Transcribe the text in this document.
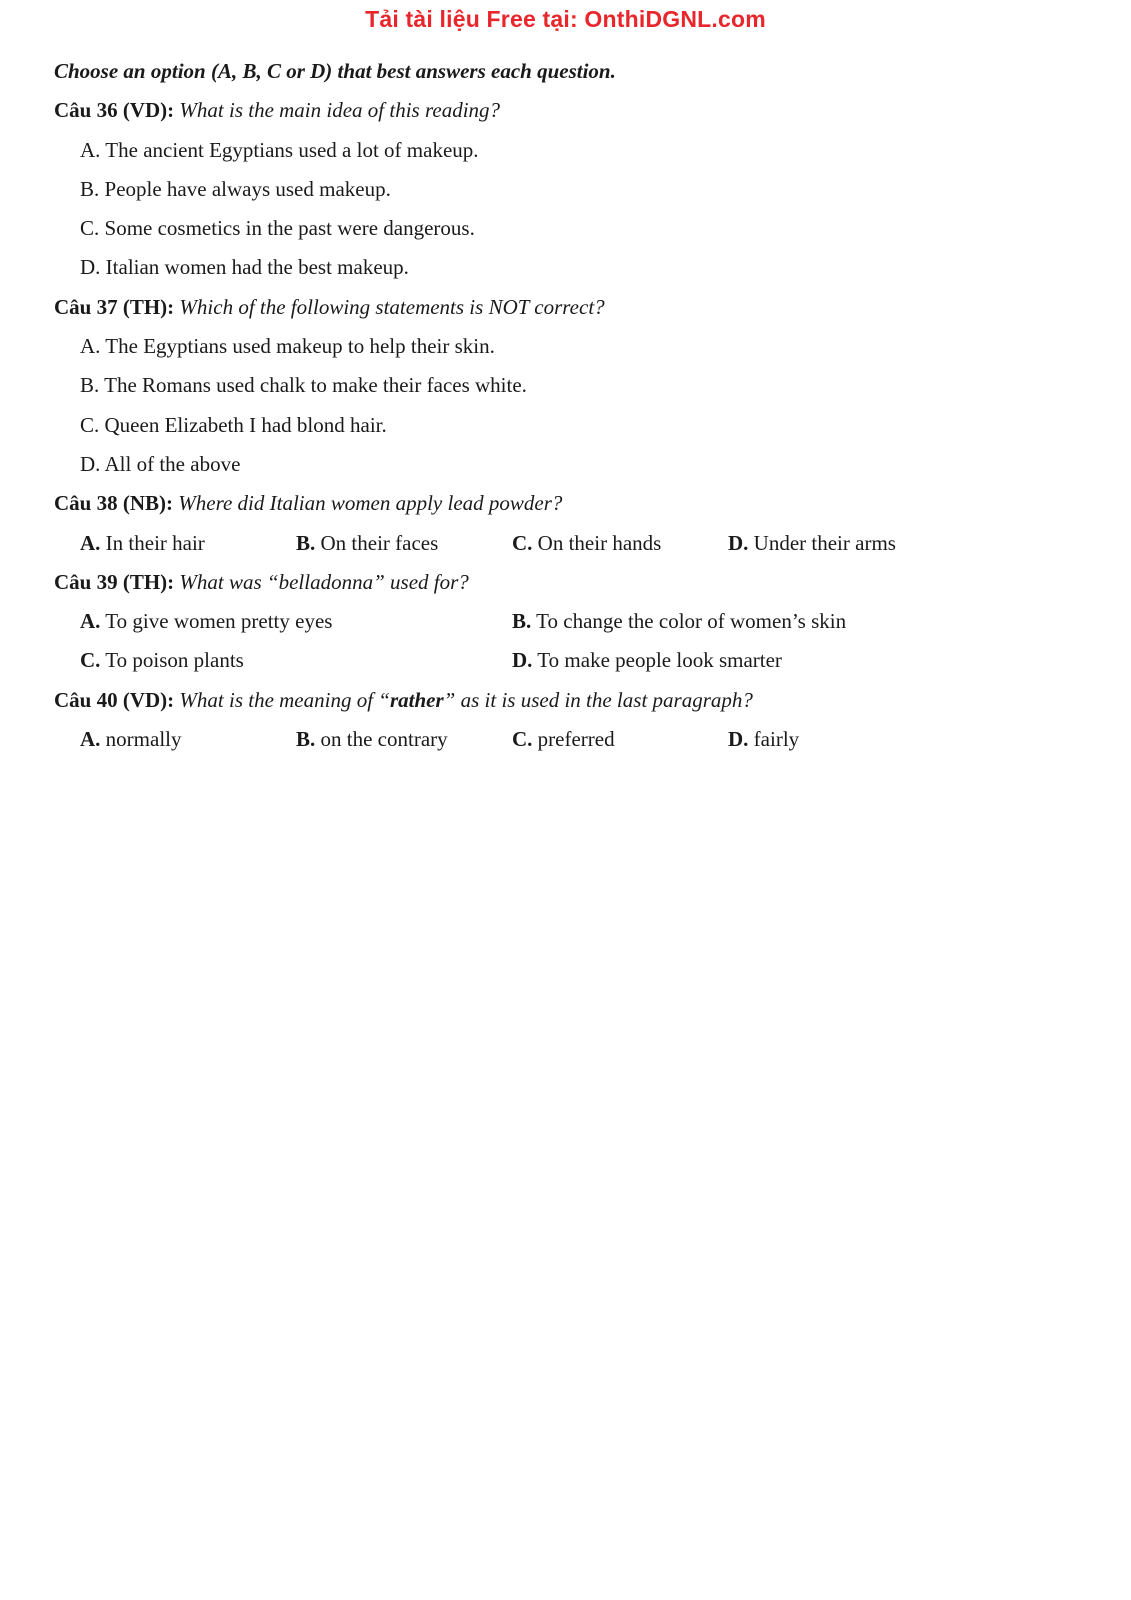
Tải tài liệu Free tại: OnthiDGNL.com
Choose an option (A, B, C or D) that best answers each question.
Câu 36 (VD): What is the main idea of this reading?
A. The ancient Egyptians used a lot of makeup.
B. People have always used makeup.
C. Some cosmetics in the past were dangerous.
D. Italian women had the best makeup.
Câu 37 (TH): Which of the following statements is NOT correct?
A. The Egyptians used makeup to help their skin.
B. The Romans used chalk to make their faces white.
C. Queen Elizabeth I had blond hair.
D. All of the above
Câu 38 (NB): Where did Italian women apply lead powder?
A. In their hair	B. On their faces	C. On their hands	D. Under their arms
Câu 39 (TH): What was “belladonna” used for?
A. To give women pretty eyes	B. To change the color of women’s skin
C. To poison plants	D. To make people look smarter
Câu 40 (VD): What is the meaning of “rather” as it is used in the last paragraph?
A. normally	B. on the contrary	C. preferred	D. fairly
